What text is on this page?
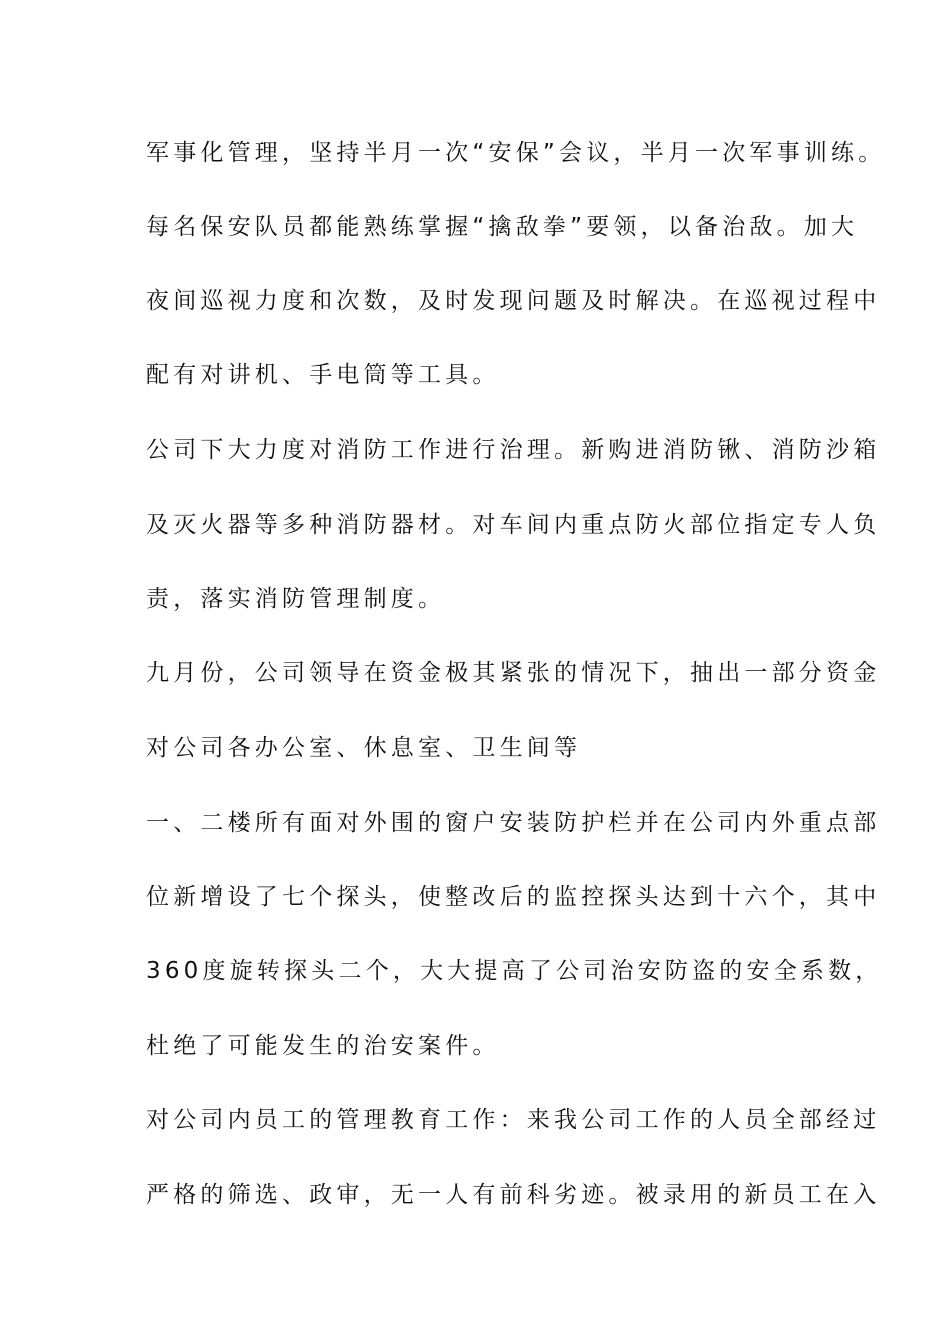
军事化管理，坚持半月一次“安保”会议，半月一次军事训练。
每名保安队员都能熟练掌握“擒敌拳”要领，以备治敌。加大
夜间巡视力度和次数，及时发现问题及时解决。在巡视过程中
配有对讲机、手电筒等工具。
公司下大力度对消防工作进行治理。新购进消防锹、消防沙箱
及灭火器等多种消防器材。对车间内重点防火部位指定专人负
责，落实消防管理制度。
九月份，公司领导在资金极其紧张的情况下，抽出一部分资金
对公司各办公室、休息室、卫生间等
一、二楼所有面对外围的窗户安装防护栏并在公司内外重点部
位新增设了七个探头，使整改后的监控探头达到十六个，其中
360度旋转探头二个，大大提高了公司治安防盗的安全系数，
杜绝了可能发生的治安案件。
对公司内员工的管理教育工作：来我公司工作的人员全部经过
严格的筛选、政审，无一人有前科劣迹。被录用的新员工在入
